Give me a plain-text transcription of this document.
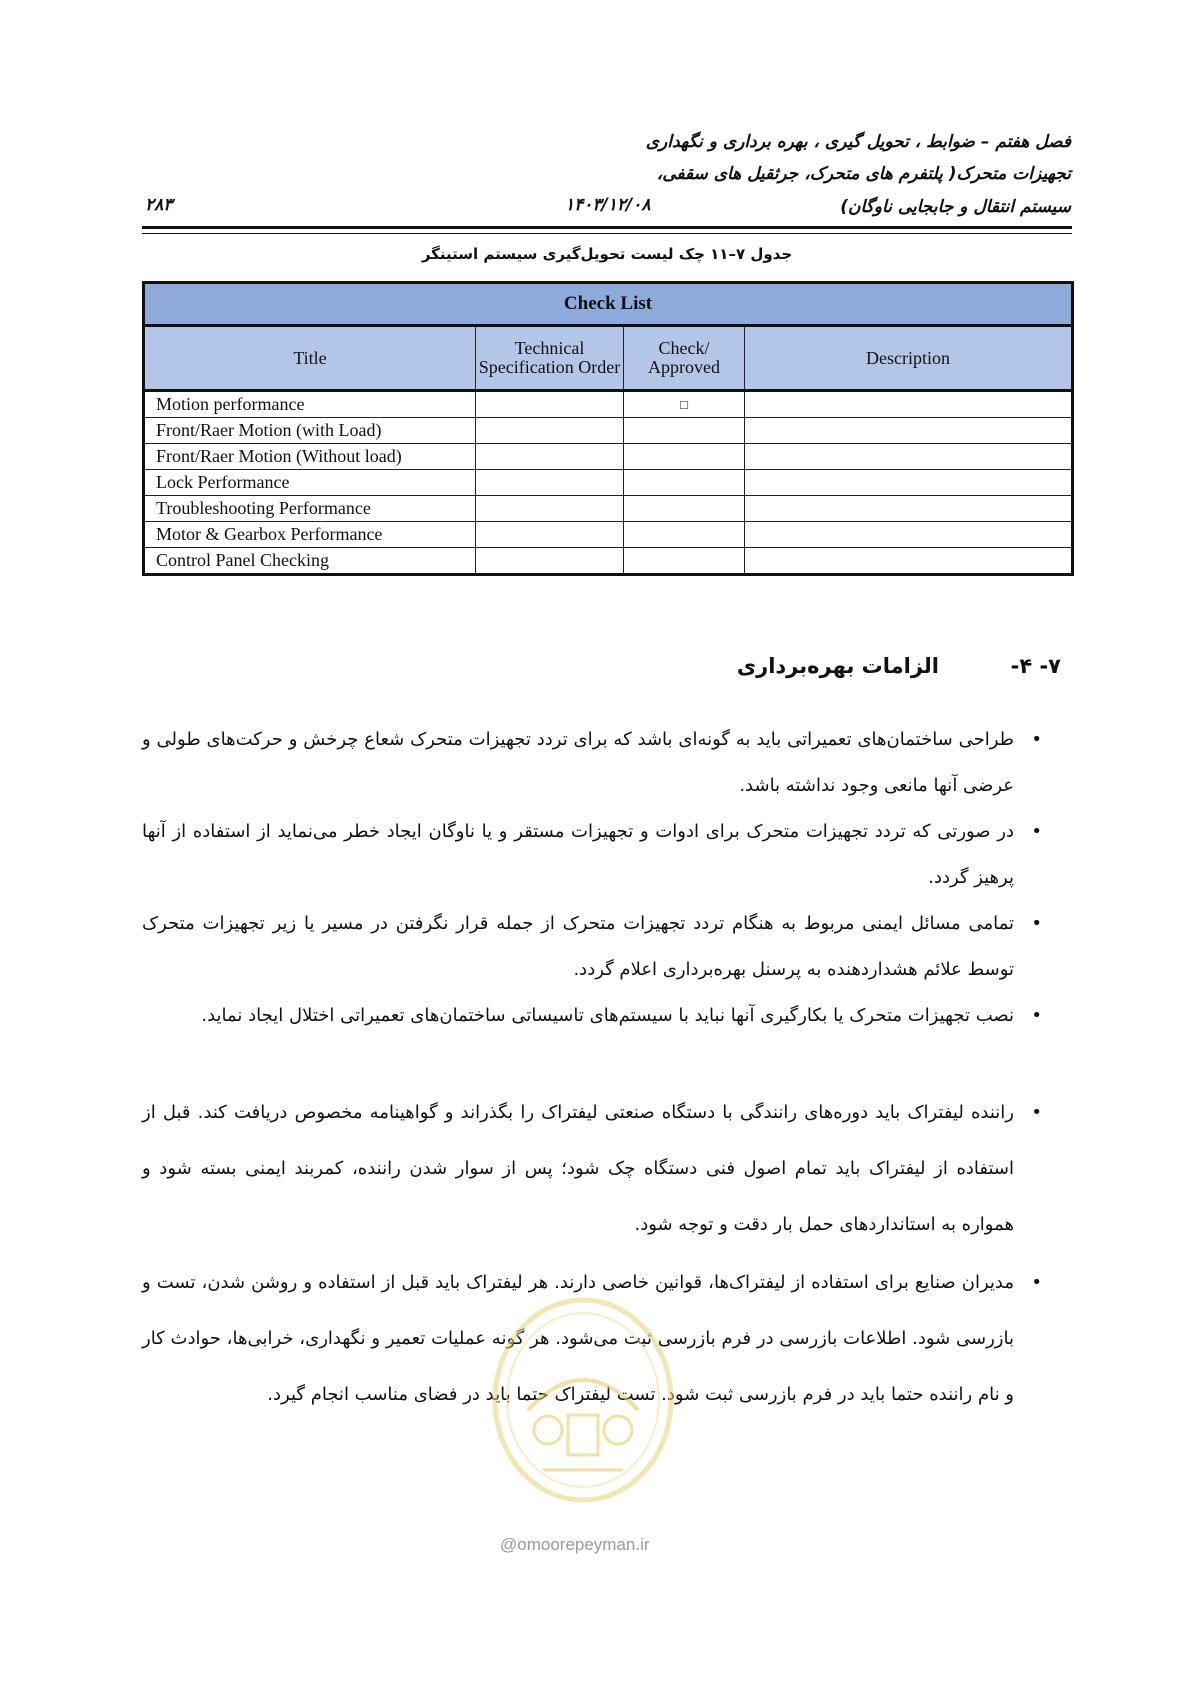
فصل هفتم – ضوابط ، تحویل گیری ، بهره برداری و نگهداری
تجهیزات متحرک( پلتفرم های متحرک، جرثقیل های سقفی،
سیستم انتقال و جابجایی ناوگان)
۱۴۰۳/۱۲/۰۸
۲۸۳
جدول ۷–۱۱ چک لیست تحویل‌گیری سیستم استینگر
Check List			
Title	Technical Specification Order	Check/ Approved	Description
Motion performance		□	
Front/Raer Motion (with Load)			
Front/Raer Motion (Without load)			
Lock Performance			
Troubleshooting Performance			
Motor & Gearbox Performance			
Control Panel Checking			
۷- ۴-
الزامات بهره‌برداری
•
طراحی ساختمان‌های تعمیراتی باید به گونه‌ای باشد که برای تردد تجهیزات متحرک شعاع چرخش و حرکت‌های طولی و عرضی آنها مانعی وجود نداشته باشد.
•
در صورتی که تردد تجهیزات متحرک برای ادوات و تجهیزات مستقر و یا ناوگان ایجاد خطر می‌نماید از استفاده از آنها پرهیز گردد.
•
تمامی مسائل ایمنی مربوط به هنگام تردد تجهیزات متحرک از جمله قرار نگرفتن در مسیر یا زیر تجهیزات متحرک توسط علائم هشداردهنده به پرسنل بهره‌برداری اعلام گردد.
•
نصب تجهیزات متحرک یا بکارگیری آنها نباید با سیستم‌های تاسیساتی ساختمان‌های تعمیراتی اختلال ایجاد نماید.
•
راننده لیفتراک باید دوره‌های رانندگی با دستگاه صنعتی لیفتراک را بگذراند و گواهینامه مخصوص دریافت کند. قبل از استفاده از لیفتراک باید تمام اصول فنی دستگاه چک شود؛ پس از سوار شدن راننده، کمربند ایمنی بسته شود و همواره به استانداردهای حمل بار دقت و توجه شود.
•
مدیران صنایع برای استفاده از لیفتراک‌ها، قوانین خاصی دارند. هر لیفتراک باید قبل از استفاده و روشن شدن، تست و بازرسی شود. اطلاعات بازرسی در فرم بازرسی ثبت می‌شود. هر گونه عملیات تعمیر و نگهداری، خرابی‌ها، حوادث کار و نام راننده حتما باید در فرم بازرسی ثبت شود. تست لیفتراک حتما باید در فضای مناسب انجام گیرد.
@omoorepeyman.ir
